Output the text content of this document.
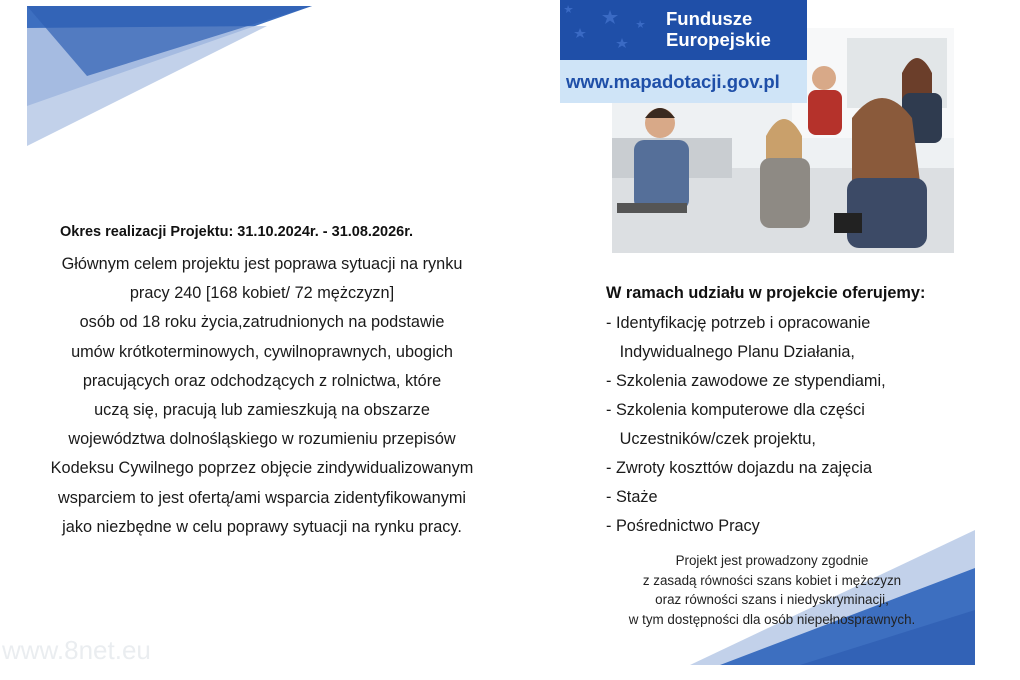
Okres realizacji Projektu: 31.10.2024r. - 31.08.2026r.

Głównym celem projektu jest poprawa sytuacji na rynku

pracy 240 [168 kobiet/ 72 mężczyzn]

osób od 18 roku życia,zatrudnionych na podstawie

umów krótkoterminowych, cywilnoprawnych, ubogich

pracujących oraz odchodzących z rolnictwa, które

uczą się, pracują lub zamieszkują na obszarze

województwa dolnośląskiego w rozumieniu przepisów

Kodeksu Cywilnego poprzez objęcie zindywidualizowanym

wsparciem to jest ofertą/ami wsparcia zidentyfikowanymi

jako niezbędne w celu poprawy sytuacji na rynku pracy.

Fundusze
Europejskie
www.mapadotacji.gov.pl
W ramach udziału w projekcie oferujemy:
- Identyfikację potrzeb i opracowanie
Indywidualnego Planu Działania,
- Szkolenia zawodowe ze stypendiami,
- Szkolenia komputerowe dla części
Uczestników/czek projektu,
- Zwroty koszttów dojazdu na zajęcia
- Staże
- Pośrednictwo Pracy

Projekt jest prowadzony zgodnie

z zasadą równości szans kobiet i mężczyzn

oraz równości szans i niedyskryminacji,

w tym dostępności dla osób niepełnosprawnych.

www.8net.eu
